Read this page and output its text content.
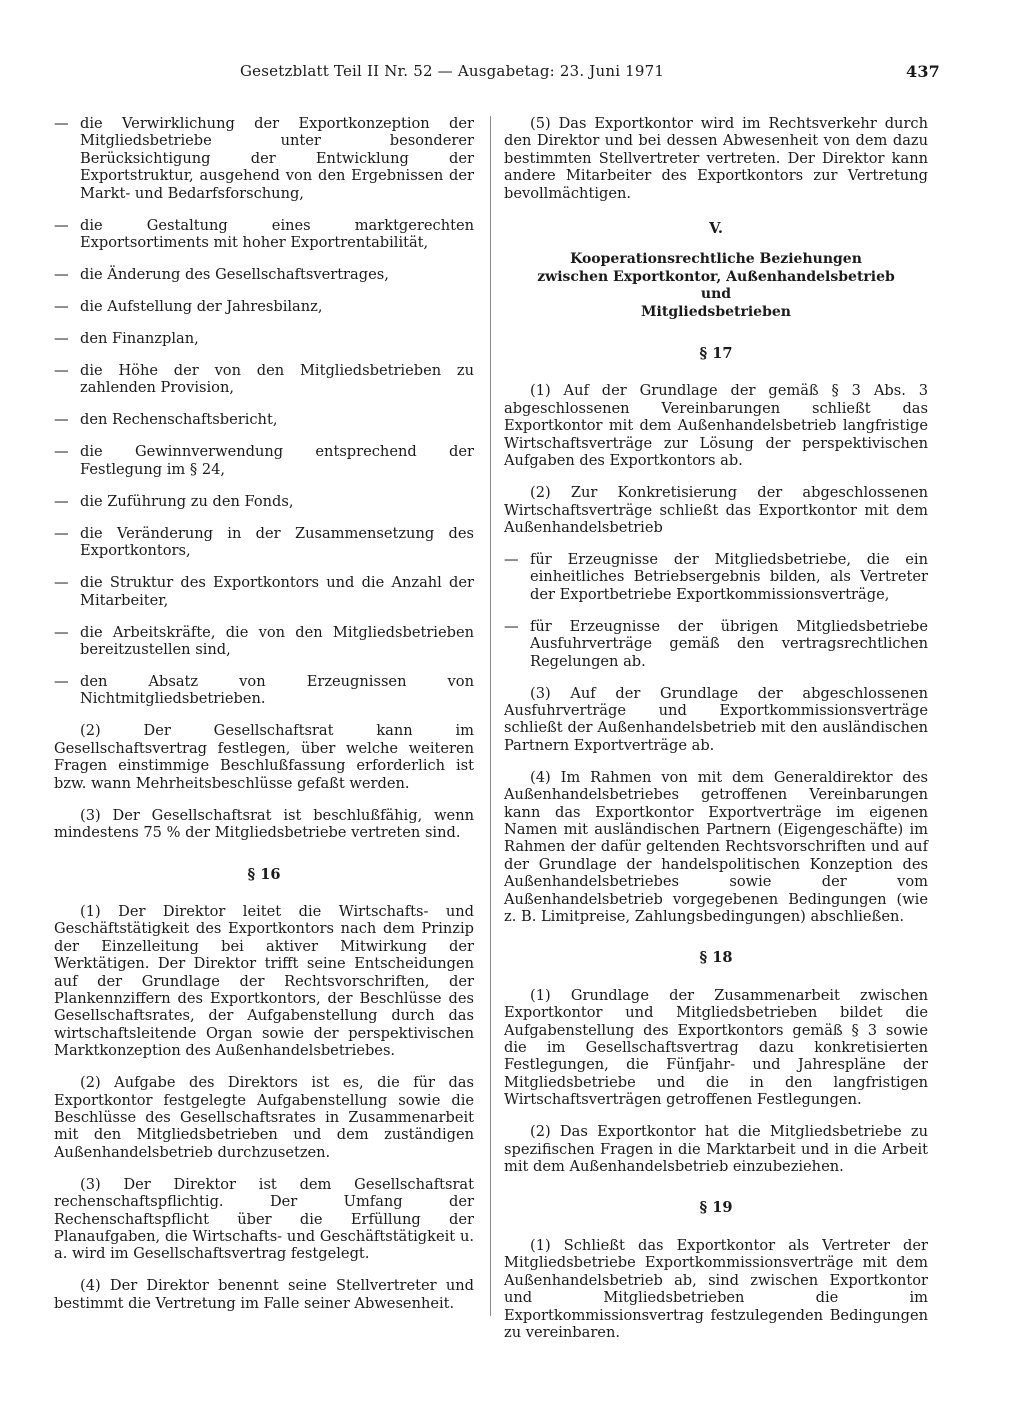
Gesetzblatt Teil II Nr. 52 — Ausgabetag: 23. Juni 1971	437
— die Verwirklichung der Exportkonzeption der Mitgliedsbetriebe unter besonderer Berücksichtigung der Entwicklung der Exportstruktur, ausgehend von den Ergebnissen der Markt- und Bedarfsforschung,
— die Gestaltung eines marktgerechten Exportsortiments mit hoher Exportrentabilität,
— die Änderung des Gesellschaftsvertrages,
— die Aufstellung der Jahresbilanz,
— den Finanzplan,
— die Höhe der von den Mitgliedsbetrieben zu zahlenden Provision,
— den Rechenschaftsbericht,
— die Gewinnverwendung entsprechend der Festlegung im § 24,
— die Zuführung zu den Fonds,
— die Veränderung in der Zusammensetzung des Exportkontors,
— die Struktur des Exportkontors und die Anzahl der Mitarbeiter,
— die Arbeitskräfte, die von den Mitgliedsbetrieben bereitzustellen sind,
— den Absatz von Erzeugnissen von Nichtmitgliedsbetrieben.

(2) Der Gesellschaftsrat kann im Gesellschaftsvertrag festlegen, über welche weiteren Fragen einstimmige Beschlußfassung erforderlich ist bzw. wann Mehrheitsbeschlüsse gefaßt werden.

(3) Der Gesellschaftsrat ist beschlußfähig, wenn mindestens 75 % der Mitgliedsbetriebe vertreten sind.

§ 16

(1) Der Direktor leitet die Wirtschafts- und Geschäftstätigkeit des Exportkontors nach dem Prinzip der Einzelleitung bei aktiver Mitwirkung der Werktätigen. Der Direktor trifft seine Entscheidungen auf der Grundlage der Rechtsvorschriften, der Plankennziffern des Exportkontors, der Beschlüsse des Gesellschaftsrates, der Aufgabenstellung durch das wirtschaftsleitende Organ sowie der perspektivischen Marktkonzeption des Außenhandelsbetriebes.

(2) Aufgabe des Direktors ist es, die für das Exportkontor festgelegte Aufgabenstellung sowie die Beschlüsse des Gesellschaftsrates in Zusammenarbeit mit den Mitgliedsbetrieben und dem zuständigen Außenhandelsbetrieb durchzusetzen.

(3) Der Direktor ist dem Gesellschaftsrat rechenschaftspflichtig. Der Umfang der Rechenschaftspflicht über die Erfüllung der Planaufgaben, die Wirtschafts- und Geschäftstätigkeit u. a. wird im Gesellschaftsvertrag festgelegt.

(4) Der Direktor benennt seine Stellvertreter und bestimmt die Vertretung im Falle seiner Abwesenheit.

(5) Das Exportkontor wird im Rechtsverkehr durch den Direktor und bei dessen Abwesenheit von dem dazu bestimmten Stellvertreter vertreten. Der Direktor kann andere Mitarbeiter des Exportkontors zur Vertretung bevollmächtigen.

V.
Kooperationsrechtliche Beziehungen
zwischen Exportkontor, Außenhandelsbetrieb und
Mitgliedsbetrieben
§ 17

(1) Auf der Grundlage der gemäß § 3 Abs. 3 abgeschlossenen Vereinbarungen schließt das Exportkontor mit dem Außenhandelsbetrieb langfristige Wirtschaftsverträge zur Lösung der perspektivischen Aufgaben des Exportkontors ab.

(2) Zur Konkretisierung der abgeschlossenen Wirtschaftsverträge schließt das Exportkontor mit dem Außenhandelsbetrieb

— für Erzeugnisse der Mitgliedsbetriebe, die ein einheitliches Betriebsergebnis bilden, als Vertreter der Exportbetriebe Exportkommissionsverträge,
— für Erzeugnisse der übrigen Mitgliedsbetriebe Ausfuhrverträge gemäß den vertragsrechtlichen Regelungen ab.

(3) Auf der Grundlage der abgeschlossenen Ausfuhrverträge und Exportkommissionsverträge schließt der Außenhandelsbetrieb mit den ausländischen Partnern Exportverträge ab.

(4) Im Rahmen von mit dem Generaldirektor des Außenhandelsbetriebes getroffenen Vereinbarungen kann das Exportkontor Exportverträge im eigenen Namen mit ausländischen Partnern (Eigengeschäfte) im Rahmen der dafür geltenden Rechtsvorschriften und auf der Grundlage der handelspolitischen Konzeption des Außenhandelsbetriebes sowie der vom Außenhandelsbetrieb vorgegebenen Bedingungen (wie z. B. Limitpreise, Zahlungsbedingungen) abschließen.

§ 18

(1) Grundlage der Zusammenarbeit zwischen Exportkontor und Mitgliedsbetrieben bildet die Aufgabenstellung des Exportkontors gemäß § 3 sowie die im Gesellschaftsvertrag dazu konkretisierten Festlegungen, die Fünfjahr- und Jahrespläne der Mitgliedsbetriebe und die in den langfristigen Wirtschaftsverträgen getroffenen Festlegungen.

(2) Das Exportkontor hat die Mitgliedsbetriebe zu spezifischen Fragen in die Marktarbeit und in die Arbeit mit dem Außenhandelsbetrieb einzubeziehen.

§ 19

(1) Schließt das Exportkontor als Vertreter der Mitgliedsbetriebe Exportkommissionsverträge mit dem Außenhandelsbetrieb ab, sind zwischen Exportkontor und Mitgliedsbetrieben die im Exportkommissionsvertrag festzulegenden Bedingungen zu vereinbaren.
